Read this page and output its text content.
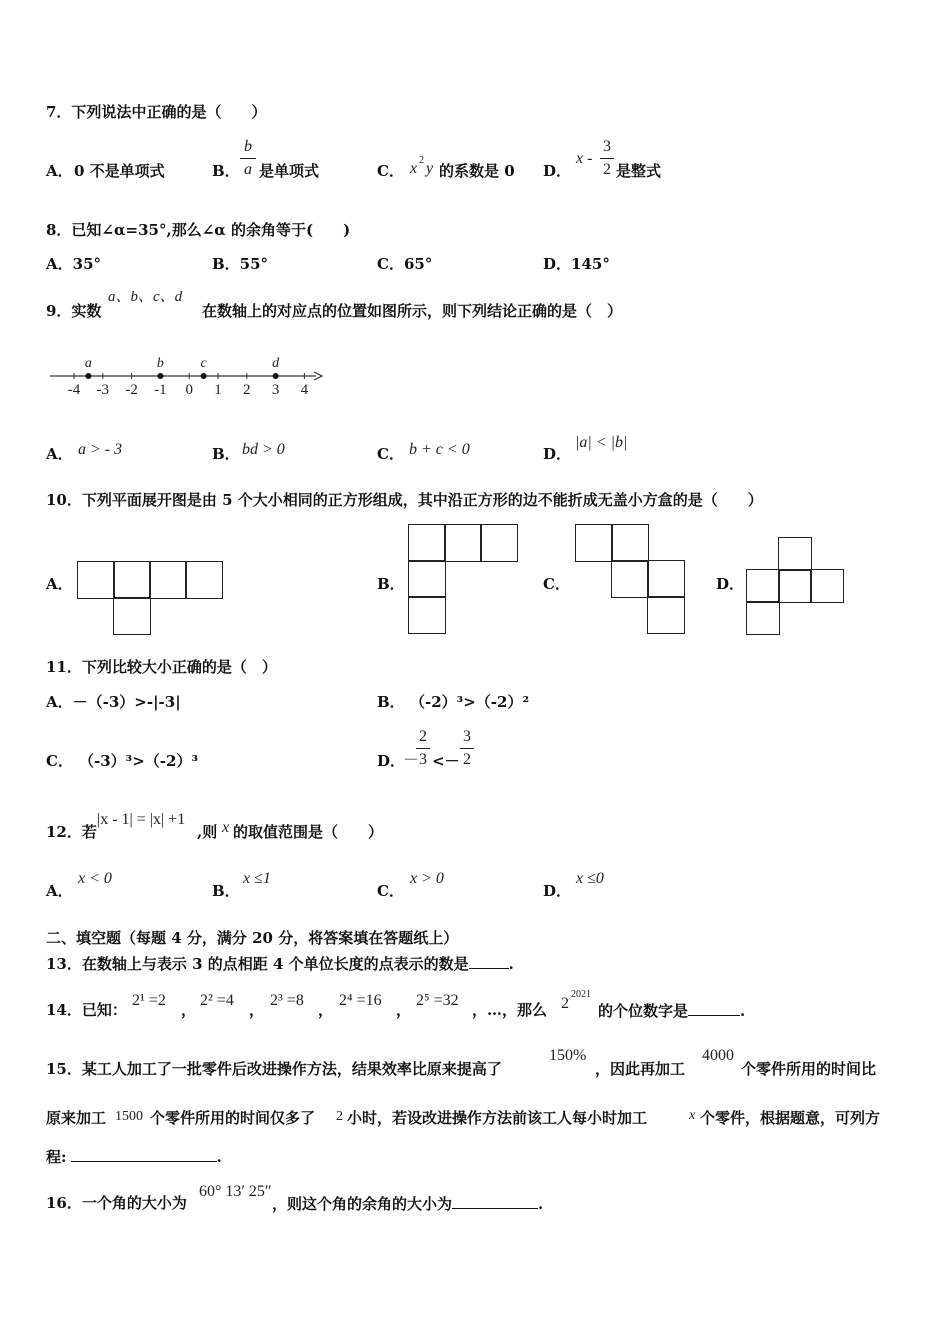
7．下列说法中正确的是（　　）
A． 0 不是单项式	B． $\frac{b}{a}$ 是单项式	C． x 2 y 的系数是 0 D．
x - $\frac{3}{2}$ 是整式
8．已知∠α=35°,那么∠α 的余角等于(　　)
A．35°	B．55°	C．65°	D．145°
9．实数
a、b、c、d
在数轴上的对应点的位置如图所示，则下列结论正确的是（　）
-4 -3 -2 -1 0 1 2 3 4
a	b	c	d
A． a > - 3	B． bd > 0	C． b + c < 0	D．
|a| < |b|
10．下列平面展开图是由 5 个大小相同的正方形组成，其中沿正方形的边不能折成无盖小方盒的是（　　）
A．	B．	C．	D．
11．下列比较大小正确的是（　）
A．－（-3）>-|-3|	B． （-2）³>（-2）²
C． （-3）³>（-2）³	D．
－
$\frac{2}{3} <- \frac{3}{2}$
12．若
|x - 1| = |x| +1
,则 x 的取值范围是（　　）
A．
x < 0
B．
x ≤1
C．
x > 0
D．
x ≤0
二、填空题（每题 4 分，满分 20 分，将答案填在答题纸上）
13．在数轴上与表示 3 的点相距 4 个单位长度的点表示的数是	.
14．已知：
2¹ =2
，
2² =4
，
2³ =8
，
2⁴ =16
，
2⁵ =32
，…，那么 2
2021
的个位数字是	.
15．某工人加工了一批零件后改进操作方法，结果效率比原来提高了
150%
，因此再加工
4000
个零件所用的时间比
原来加工 1500 个零件所用的时间仅多了 2 小时，若设改进操作方法前该工人每小时加工	x 个零件，根据题意，可列方
程:	.
16．一个角的大小为
60° 13′ 25″
，则这个角的余角的大小为	.
